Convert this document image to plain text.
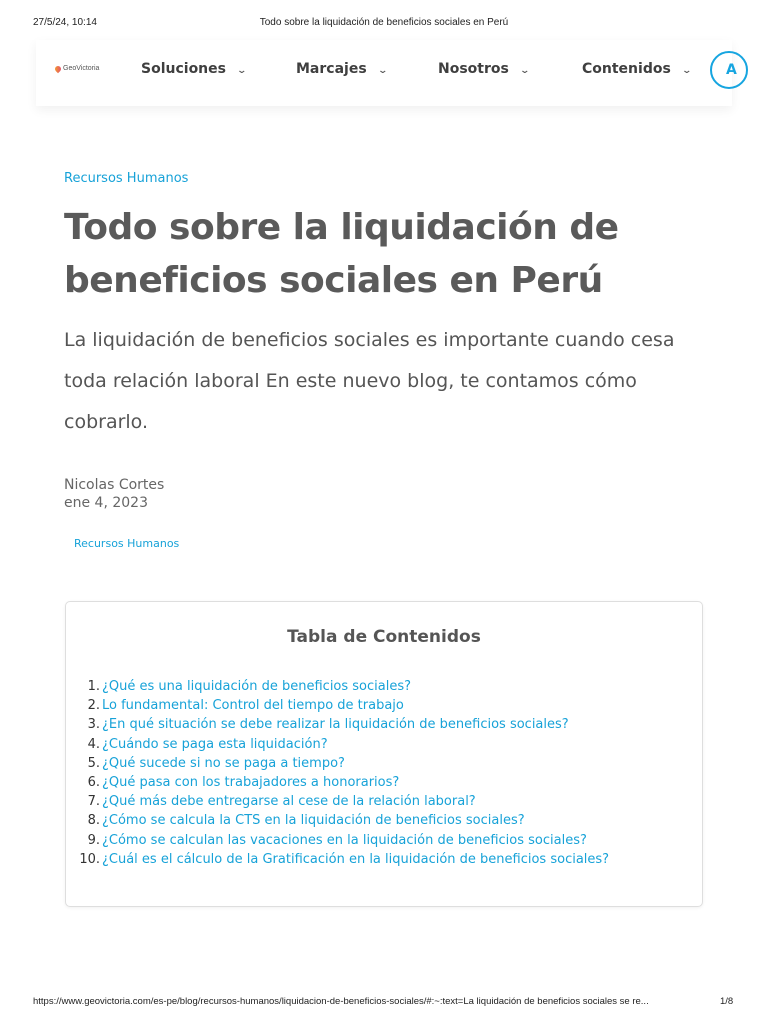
27/5/24, 10:14	Todo sobre la liquidación de beneficios sociales en Perú
GeoVictoria	Soluciones ⌄	Marcajes ⌄	Nosotros ⌄	Contenidos ⌄	A
Recursos Humanos
Todo sobre la liquidación de beneficios sociales en Perú

La liquidación de beneficios sociales es importante cuando cesa toda relación laboral En este nuevo blog, te contamos cómo cobrarlo.

Nicolas Cortes
ene 4, 2023
Recursos Humanos
Tabla de Contenidos
1. ¿Qué es una liquidación de beneficios sociales?
2. Lo fundamental: Control del tiempo de trabajo
3. ¿En qué situación se debe realizar la liquidación de beneficios sociales?
4. ¿Cuándo se paga esta liquidación?
5. ¿Qué sucede si no se paga a tiempo?
6. ¿Qué pasa con los trabajadores a honorarios?
7. ¿Qué más debe entregarse al cese de la relación laboral?
8. ¿Cómo se calcula la CTS en la liquidación de beneficios sociales?
9. ¿Cómo se calculan las vacaciones en la liquidación de beneficios sociales?
10. ¿Cuál es el cálculo de la Gratificación en la liquidación de beneficios sociales?
https://www.geovictoria.com/es-pe/blog/recursos-humanos/liquidacion-de-beneficios-sociales/#:~:text=La liquidación de beneficios sociales se re...	1/8
